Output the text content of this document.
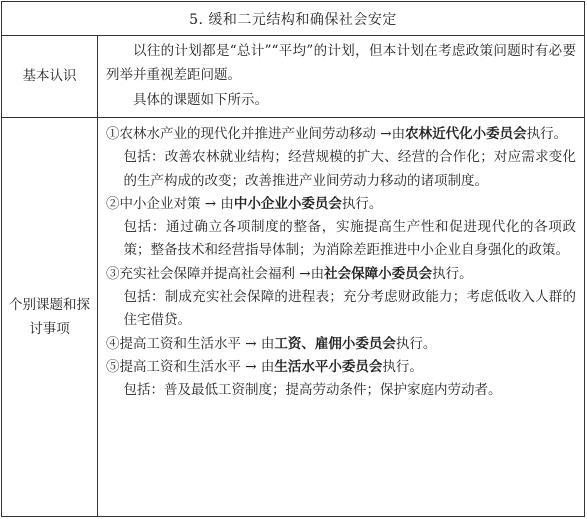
5. 缓和二元结构和确保社会安定
基本认识

以往的计划都是“总计”“平均”的计划，但本计划在考虑政策问题时有必要列举并重视差距问题。

具体的课题如下所示。

个别课题和探讨事项

①农林水产业的现代化并推进产业间劳动移动 →由农林近代化小委员会执行。

包括：改善农林就业结构；经营规模的扩大、经营的合作化；对应需求变化的生产构成的改变；改善推进产业间劳动力移动的诸项制度。

②中小企业对策 → 由中小企业小委员会执行。

包括：通过确立各项制度的整备，实施提高生产性和促进现代化的各项政策；整备技术和经营指导体制；为消除差距推进中小企业自身强化的政策。

③充实社会保障并提高社会福利 →由社会保障小委员会执行。

包括：制成充实社会保障的进程表；充分考虑财政能力；考虑低收入人群的住宅借贷。

④提高工资和生活水平 → 由工资、雇佣小委员会执行。

⑤提高工资和生活水平 → 由生活水平小委员会执行。

包括：普及最低工资制度；提高劳动条件；保护家庭内劳动者。
